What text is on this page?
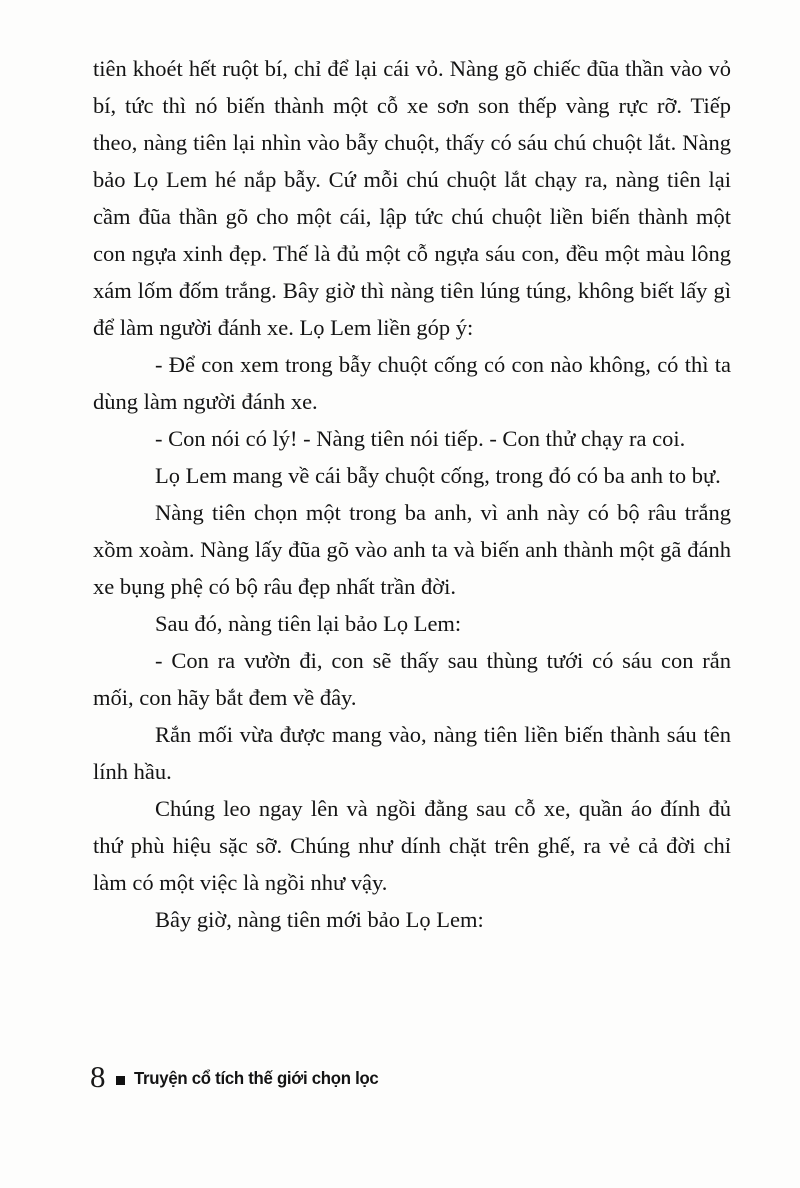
tiên khoét hết ruột bí, chỉ để lại cái vỏ. Nàng gõ chiếc đũa thần vào vỏ bí, tức thì nó biến thành một cỗ xe sơn son thếp vàng rực rỡ. Tiếp theo, nàng tiên lại nhìn vào bẫy chuột, thấy có sáu chú chuột lắt. Nàng bảo Lọ Lem hé nắp bẫy. Cứ mỗi chú chuột lắt chạy ra, nàng tiên lại cầm đũa thần gõ cho một cái, lập tức chú chuột liền biến thành một con ngựa xinh đẹp. Thế là đủ một cỗ ngựa sáu con, đều một màu lông xám lốm đốm trắng. Bây giờ thì nàng tiên lúng túng, không biết lấy gì để làm người đánh xe. Lọ Lem liền góp ý:

- Để con xem trong bẫy chuột cống có con nào không, có thì ta dùng làm người đánh xe.

- Con nói có lý! - Nàng tiên nói tiếp. - Con thử chạy ra coi.

Lọ Lem mang về cái bẫy chuột cống, trong đó có ba anh to bự.

Nàng tiên chọn một trong ba anh, vì anh này có bộ râu trắng xồm xoàm. Nàng lấy đũa gõ vào anh ta và biến anh thành một gã đánh xe bụng phệ có bộ râu đẹp nhất trần đời.

Sau đó, nàng tiên lại bảo Lọ Lem:

- Con ra vườn đi, con sẽ thấy sau thùng tưới có sáu con rắn mối, con hãy bắt đem về đây.

Rắn mối vừa được mang vào, nàng tiên liền biến thành sáu tên lính hầu.

Chúng leo ngay lên và ngồi đằng sau cỗ xe, quần áo đính đủ thứ phù hiệu sặc sỡ. Chúng như dính chặt trên ghế, ra vẻ cả đời chỉ làm có một việc là ngồi như vậy.

Bây giờ, nàng tiên mới bảo Lọ Lem:

8 Truyện cổ tích thế giới chọn lọc
